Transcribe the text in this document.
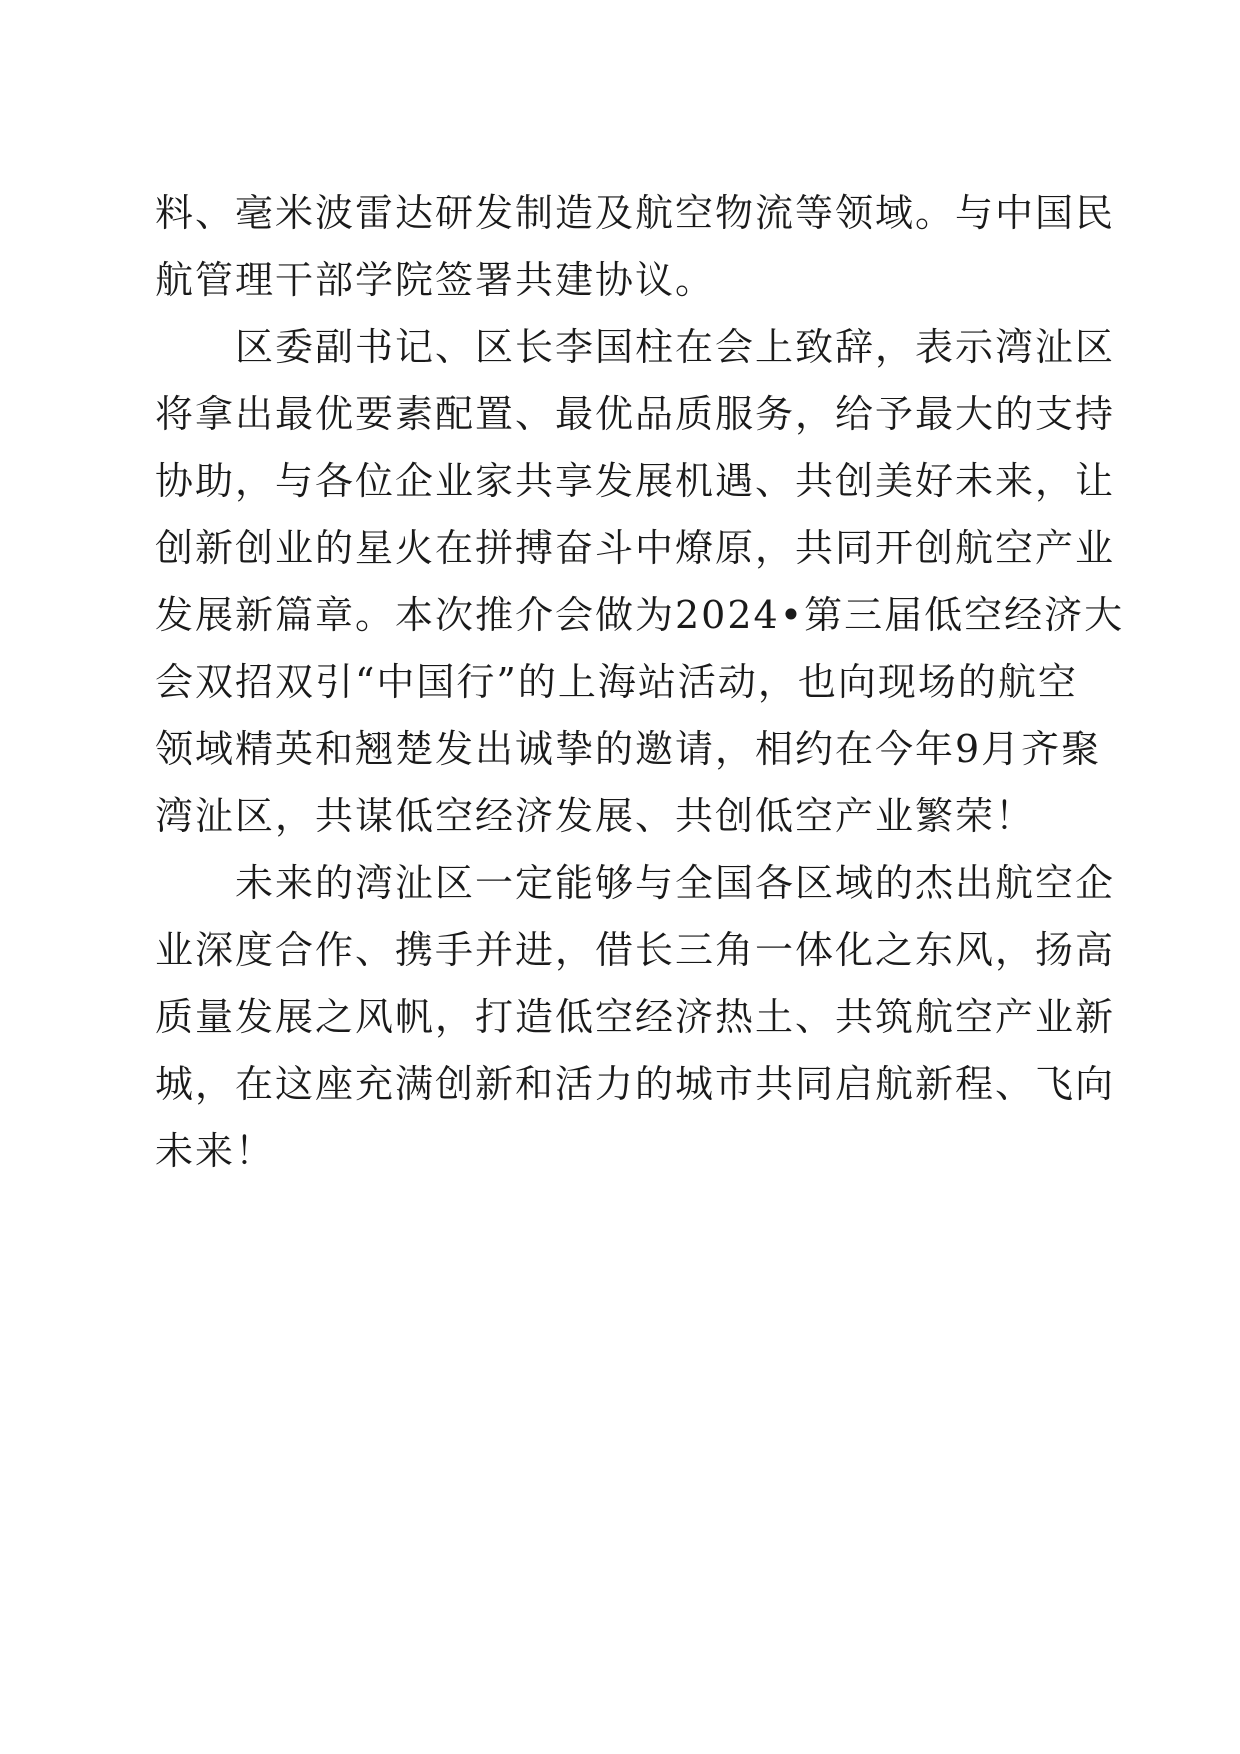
料、毫米波雷达研发制造及航空物流等领域。与中国民
航管理干部学院签署共建协议。
区委副书记、区长李国柱在会上致辞，表示湾沚区
将拿出最优要素配置、最优品质服务，给予最大的支持
协助，与各位企业家共享发展机遇、共创美好未来，让
创新创业的星火在拼搏奋斗中燎原，共同开创航空产业
发展新篇章。本次推介会做为2024•第三届低空经济大
会双招双引“中国行”的上海站活动，也向现场的航空
领域精英和翘楚发出诚挚的邀请，相约在今年9月齐聚
湾沚区，共谋低空经济发展、共创低空产业繁荣！
未来的湾沚区一定能够与全国各区域的杰出航空企
业深度合作、携手并进，借长三角一体化之东风，扬高
质量发展之风帆，打造低空经济热土、共筑航空产业新
城，在这座充满创新和活力的城市共同启航新程、飞向
未来！
